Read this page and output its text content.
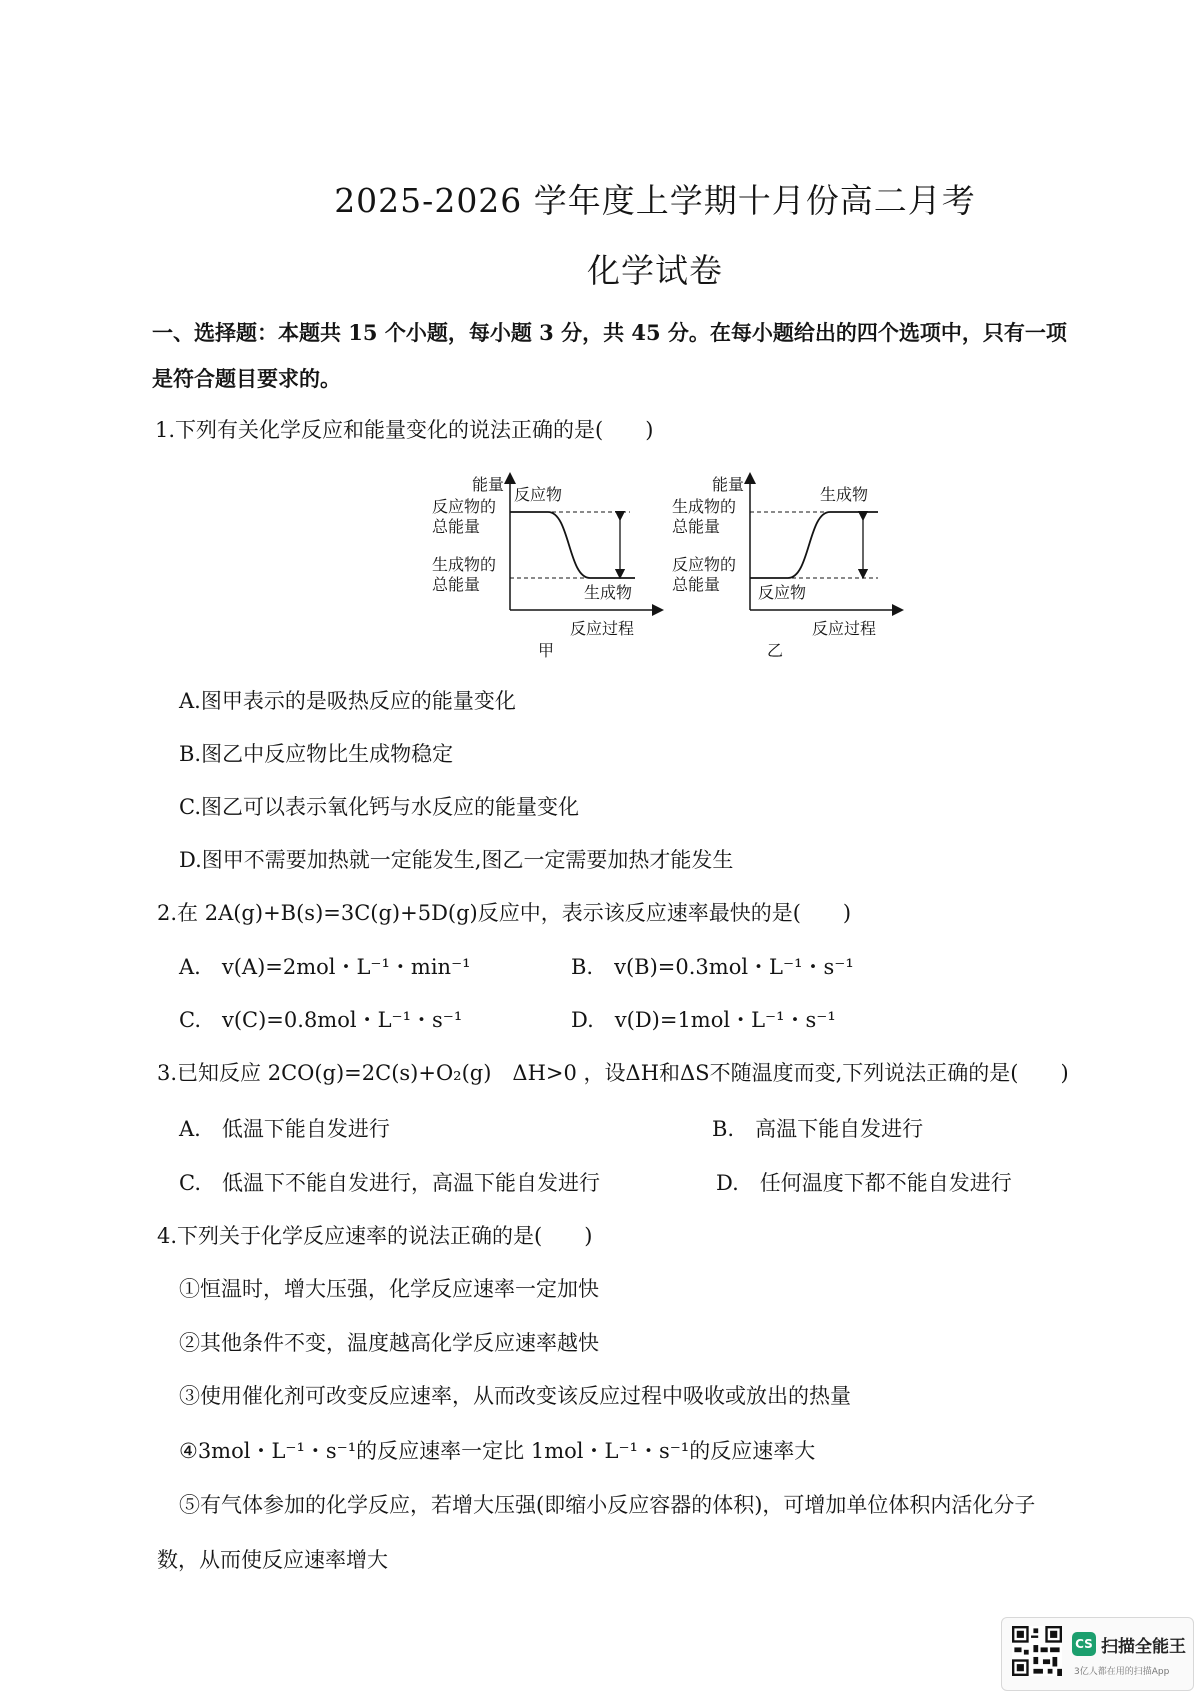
2025-2026 学年度上学期十月份高二月考
化学试卷
一、选择题：本题共 15 个小题，每小题 3 分，共 45 分。在每小题给出的四个选项中，只有一项
是符合题目要求的。
1.下列有关化学反应和能量变化的说法正确的是(　　)
能量
反应物
反应物的
总能量
生成物的
总能量	生成物
反应过程
甲
能量
生成物
生成物的
总能量
反应物的
总能量 反应物
反应过程
乙
A.图甲表示的是吸热反应的能量变化
B.图乙中反应物比生成物稳定
C.图乙可以表示氧化钙与水反应的能量变化
D.图甲不需要加热就一定能发生,图乙一定需要加热才能发生
2.在 2A(g)+B(s)=3C(g)+5D(g)反应中，表示该反应速率最快的是(　　)
A.　v(A)=2mol・L⁻¹・min⁻¹	B.　v(B)=0.3mol・L⁻¹・s⁻¹
C.　v(C)=0.8mol・L⁻¹・s⁻¹	D.　v(D)=1mol・L⁻¹・s⁻¹
3.已知反应 2CO(g)=2C(s)+O₂(g)　ΔH>0 ，设ΔH和ΔS不随温度而变,下列说法正确的是(　　)
A.　低温下能自发进行	B.　高温下能自发进行
C.　低温下不能自发进行，高温下能自发进行	D.　任何温度下都不能自发进行
4.下列关于化学反应速率的说法正确的是(　　)
①恒温时，增大压强，化学反应速率一定加快
②其他条件不变，温度越高化学反应速率越快
③使用催化剂可改变反应速率，从而改变该反应过程中吸收或放出的热量
④3mol・L⁻¹・s⁻¹的反应速率一定比 1mol・L⁻¹・s⁻¹的反应速率大
⑤有气体参加的化学反应，若增大压强(即缩小反应容器的体积)，可增加单位体积内活化分子
数，从而使反应速率增大
CS 扫描全能王
3亿人都在用的扫描App
